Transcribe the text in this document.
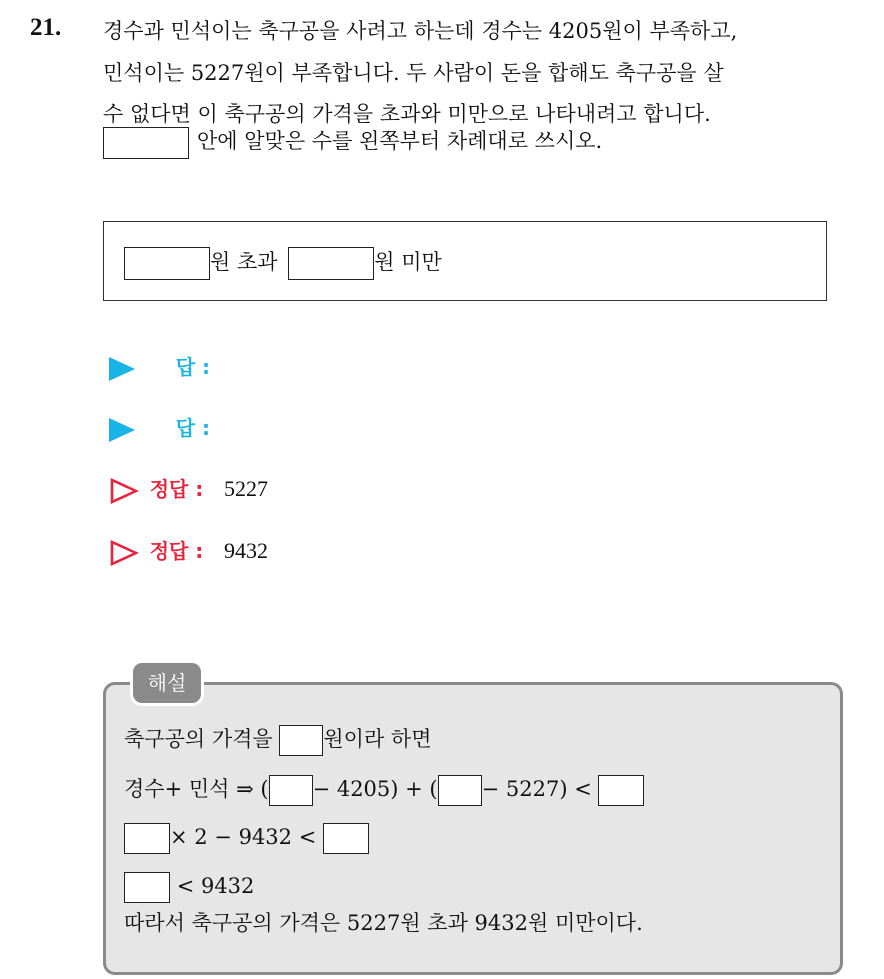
21. 경수과 민석이는 축구공을 사려고 하는데 경수는 4205원이 부족하고,
민석이는 5227원이 부족합니다. 두 사람이 돈을 합해도 축구공을 살
수 없다면 이 축구공의 가격을 초과와 미만으로 나타내려고 합니다.
안에 알맞은 수를 왼쪽부터 차례대로 쓰시오.
원 초과	원 미만
답 :
답 :
정답 : 5227
정답 : 9432
해설
축구공의 가격을 원이라 하면
경수+ 민석 ⇒ ( − 4205) + ( − 5227) <
× 2 − 9432 <
< 9432
따라서 축구공의 가격은 5227원 초과 9432원 미만이다.
